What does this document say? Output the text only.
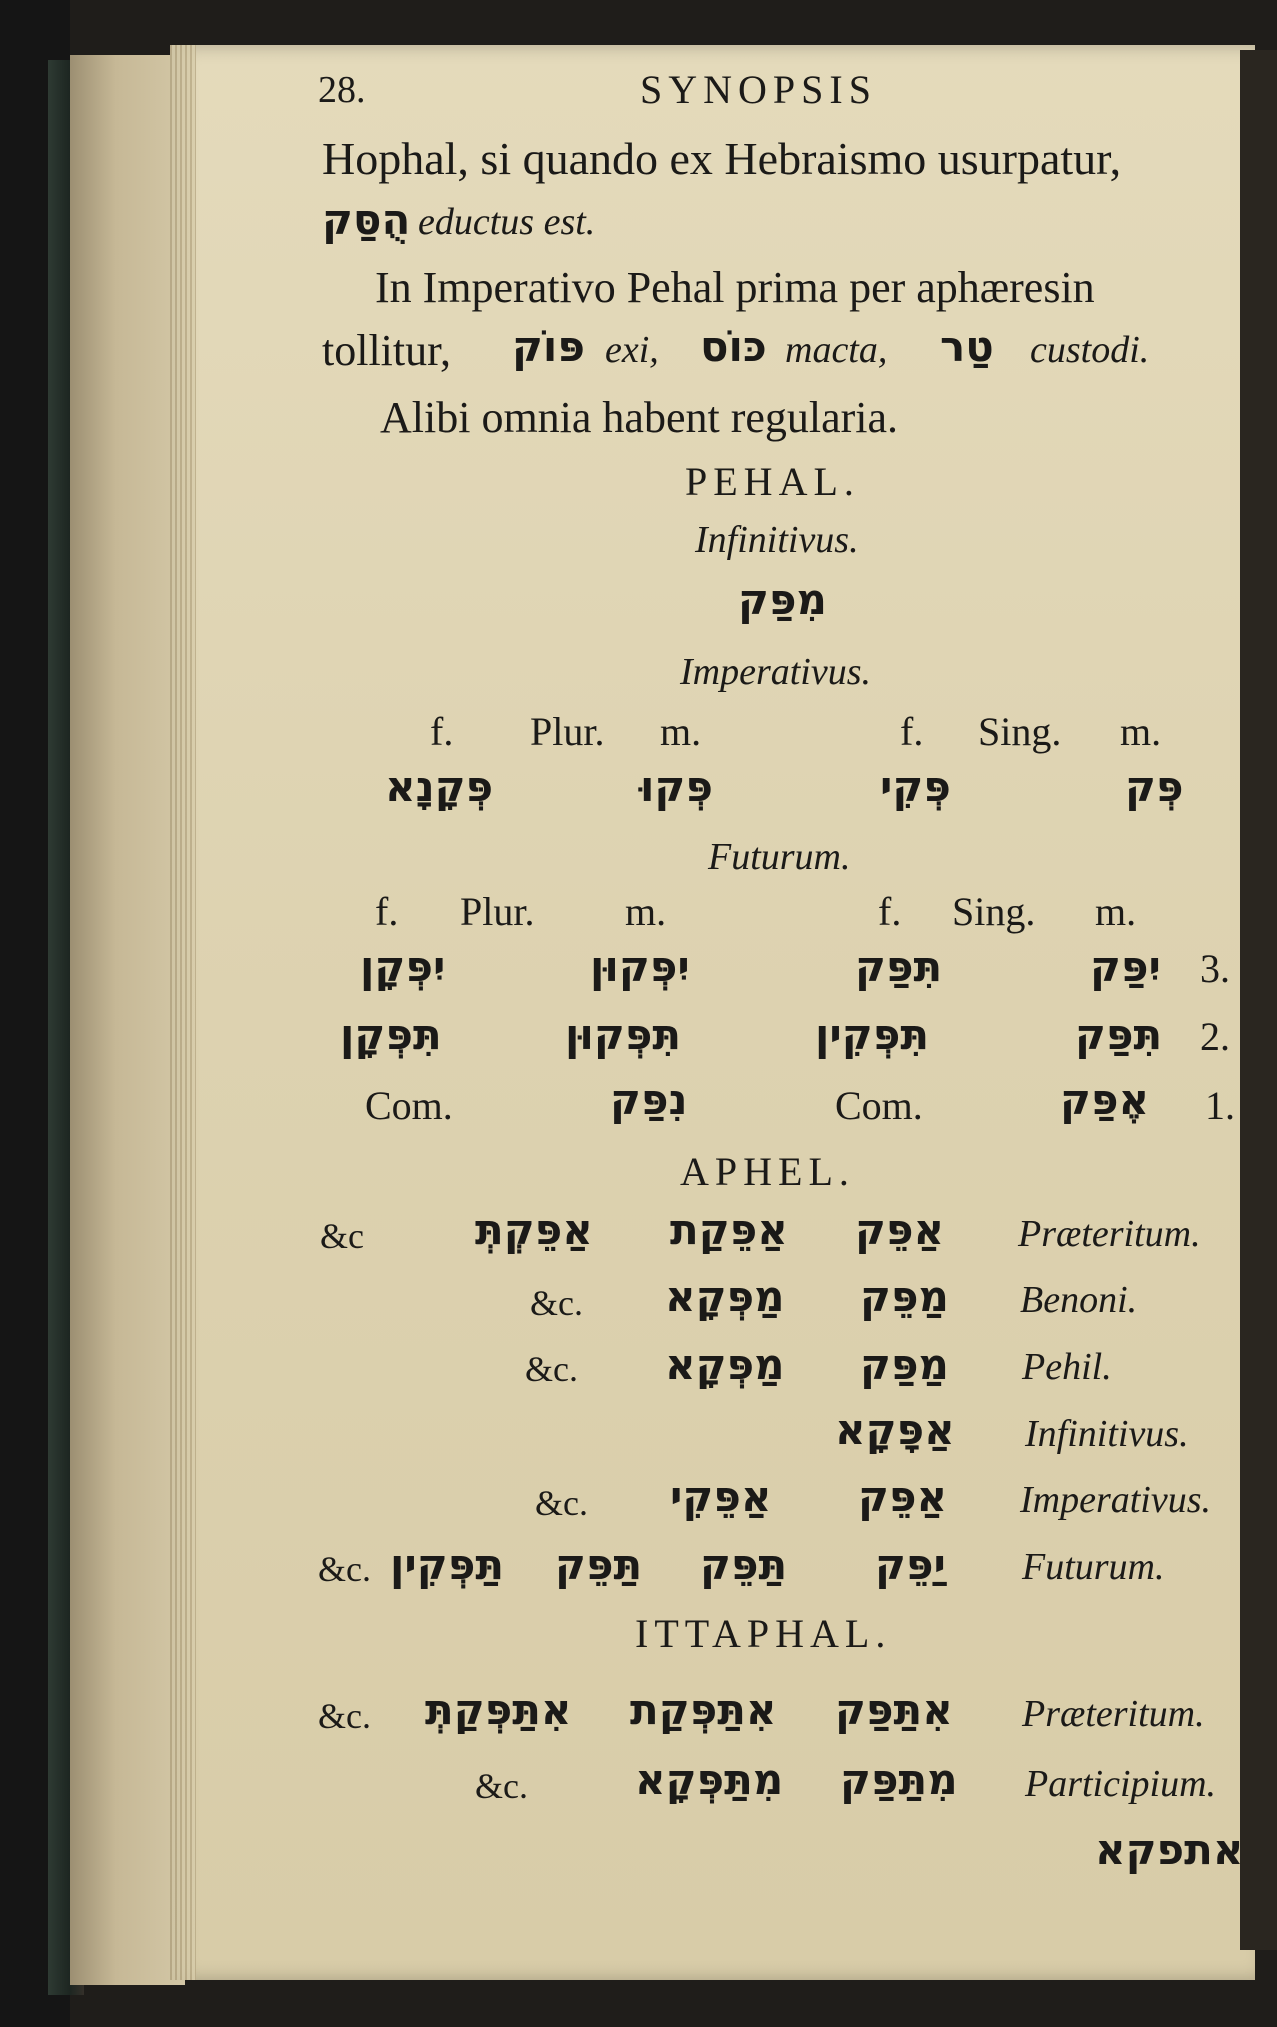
28.	SYNOPSIS
Hophal, si quando ex Hebraismo usurpatur,
הֻסַּק eductus est.
In Imperativo Pehal prima per aphæresin
tollitur, פּוֹק exi, כּוֹס macta, טַר custodi.
Alibi omnia habent regularia.
PEHAL.
Infinitivus.
מִפַּק
Imperativus.
f. Plur. m.	f. Sing. m.
פְּקָנָא	פְּקוּ	פְּקִי	פְּק
Futurum.
f. Plur. m.	f. Sing. m.
יִפְּקָן	יִפְּקוּן	תִּפַּק	יִפַּק 3.
תִּפְּקָן	תִּפְּקוּן	תִּפְּקִין	תִּפַּק 2.
Com.	נִפַּק	Com.	אֶפַּק 1.
APHEL.
&c	אַפֵּקְתְּ אַפֵּקַת אַפֵּק Præteritum.
&c. מַפְּקָא מַפֵּק Benoni.
&c. מַפְּקָא מַפַּק Pehil.
אַפָּקָא Infinitivus.
&c. אַפֵּקִי אַפֵּק Imperativus.
&c. תַּפְּקִין תַּפֵּק תַּפֵּק יַפֵּק Futurum.
ITTAPHAL.
&c. אִתַּפְּקַתְּ אִתַּפְּקַת אִתַּפַּק Præteritum.
&c.	מִתַּפְּקָא מִתַּפַּק Participium.
אתפקא
